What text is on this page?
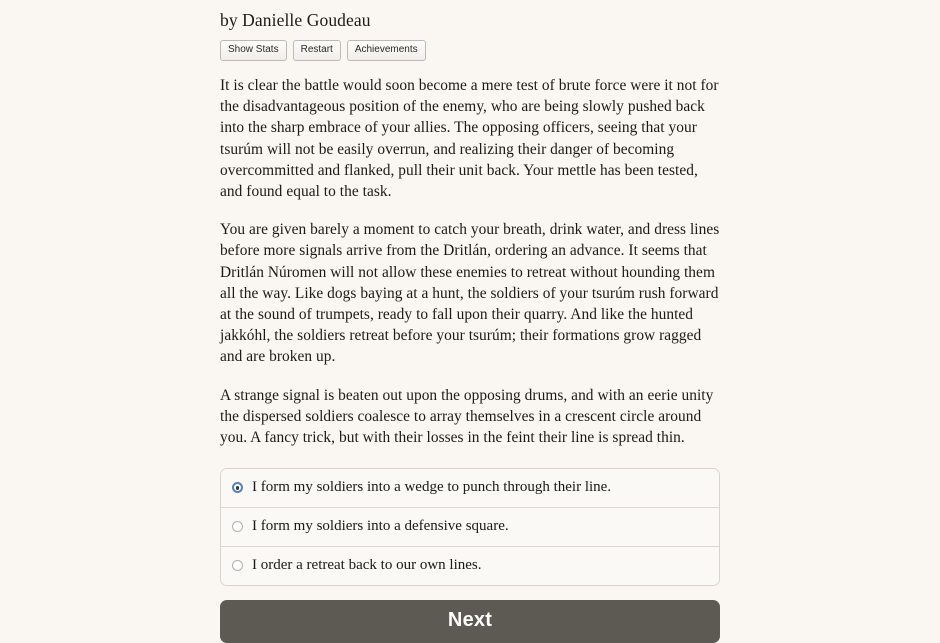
by Danielle Goudeau
Show Stats	Restart	Achievements

It is clear the battle would soon become a mere test of brute force were it not for the disadvantageous position of the enemy, who are being slowly pushed back into the sharp embrace of your allies. The opposing officers, seeing that your tsurúm will not be easily overrun, and realizing their danger of becoming overcommitted and flanked, pull their unit back. Your mettle has been tested, and found equal to the task.

You are given barely a moment to catch your breath, drink water, and dress lines before more signals arrive from the Dritlán, ordering an advance. It seems that Dritlán Núromen will not allow these enemies to retreat without hounding them all the way. Like dogs baying at a hunt, the soldiers of your tsurúm rush forward at the sound of trumpets, ready to fall upon their quarry. And like the hunted jakkóhl, the soldiers retreat before your tsurúm; their formations grow ragged and are broken up.

A strange signal is beaten out upon the opposing drums, and with an eerie unity the dispersed soldiers coalesce to array themselves in a crescent circle around you. A fancy trick, but with their losses in the feint their line is spread thin.

I form my soldiers into a wedge to punch through their line.
I form my soldiers into a defensive square.
I order a retreat back to our own lines.
Next
